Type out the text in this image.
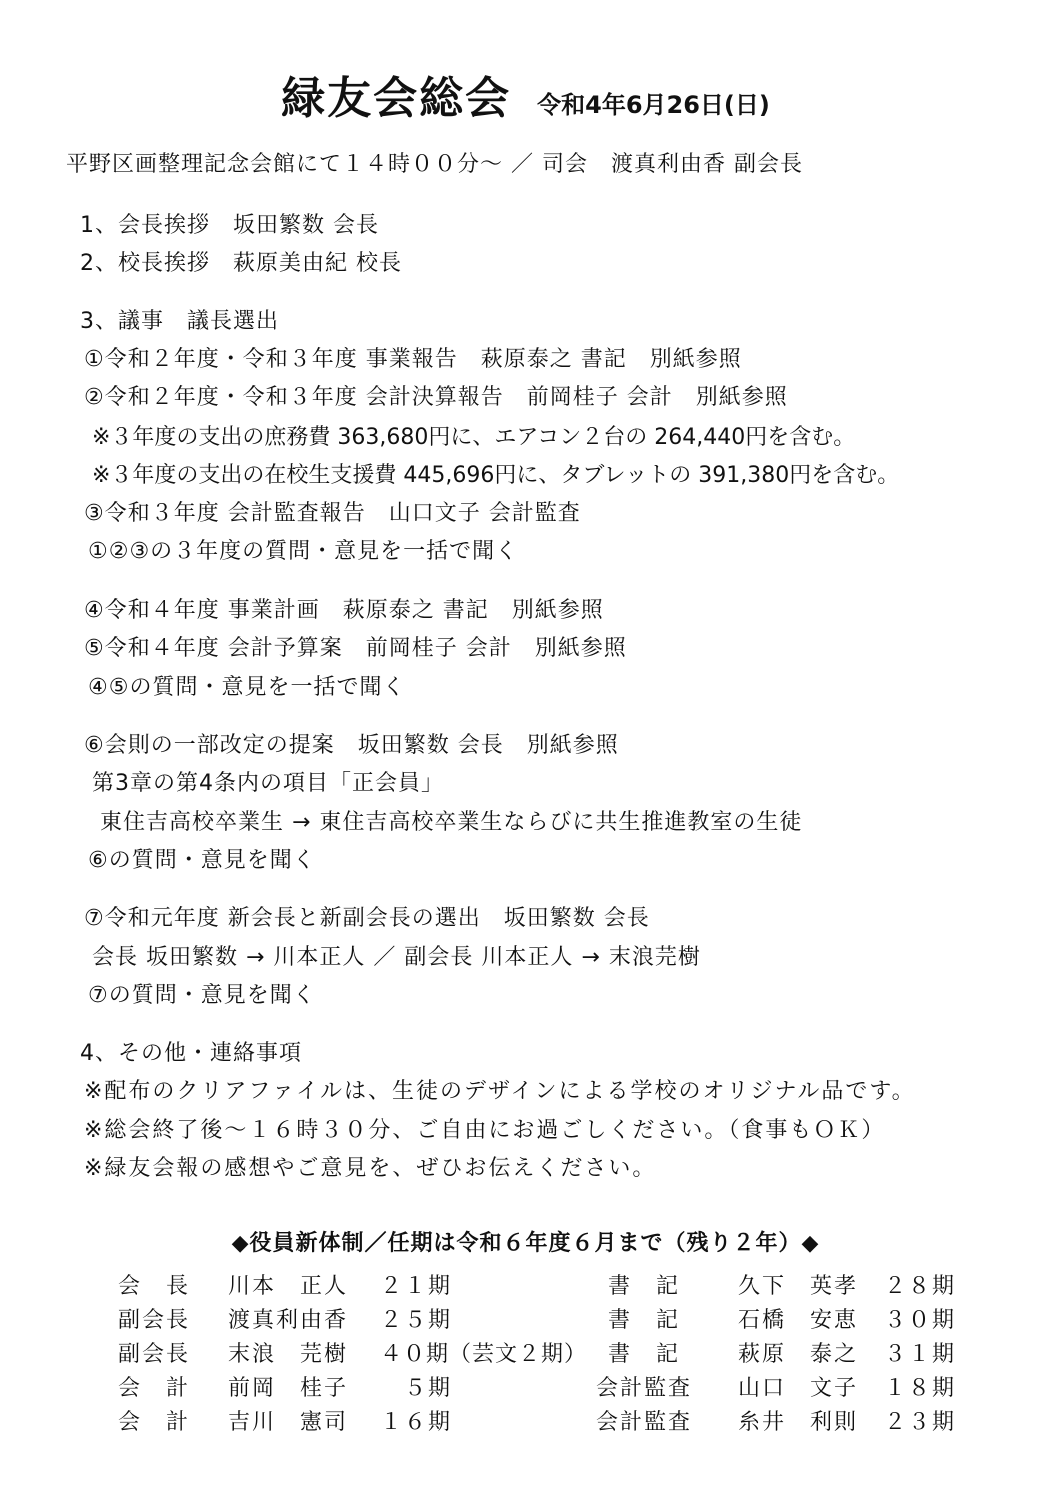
緑友会総会 令和4年6月26日(日)
平野区画整理記念会館にて１４時００分～ ／ 司会　渡真利由香 副会長
1、会長挨拶　坂田繁数 会長
2、校長挨拶　萩原美由紀 校長
3、議事　議長選出
①令和２年度・令和３年度 事業報告　萩原泰之 書記　別紙参照
②令和２年度・令和３年度 会計決算報告　前岡桂子 会計　別紙参照
※３年度の支出の庶務費 363,680円に、エアコン２台の 264,440円を含む。
※３年度の支出の在校生支援費 445,696円に、タブレットの 391,380円を含む。
③令和３年度 会計監査報告　山口文子 会計監査
①②③の３年度の質問・意見を一括で聞く
④令和４年度 事業計画　萩原泰之 書記　別紙参照
⑤令和４年度 会計予算案　前岡桂子 会計　別紙参照
④⑤の質問・意見を一括で聞く
⑥会則の一部改定の提案　坂田繁数 会長　別紙参照
第3章の第4条内の項目「正会員」
東住吉高校卒業生 → 東住吉高校卒業生ならびに共生推進教室の生徒
⑥の質問・意見を聞く
⑦令和元年度 新会長と新副会長の選出　坂田繁数 会長
会長 坂田繁数 → 川本正人 ／ 副会長 川本正人 → 末浪芫樹
⑦の質問・意見を聞く
4、その他・連絡事項
※配布のクリアファイルは、生徒のデザインによる学校のオリジナル品です。
※総会終了後～１６時３０分、ご自由にお過ごしください。（食事もＯＫ）
※緑友会報の感想やご意見を、ぜひお伝えください。
◆役員新体制／任期は令和６年度６月まで（残り２年）◆
会　長 川本　正人 ２１期	書　記	久下　英孝 ２８期
副会長 渡真利由香 ２５期	書　記	石橋　安恵 ３０期
副会長 末浪　芫樹 ４０期（芸文２期） 書　記	萩原　泰之 ３１期
会　計 前岡　桂子 　５期	会計監査 山口　文子 １８期
会　計 吉川　憲司 １６期	会計監査 糸井　利則 ２３期
